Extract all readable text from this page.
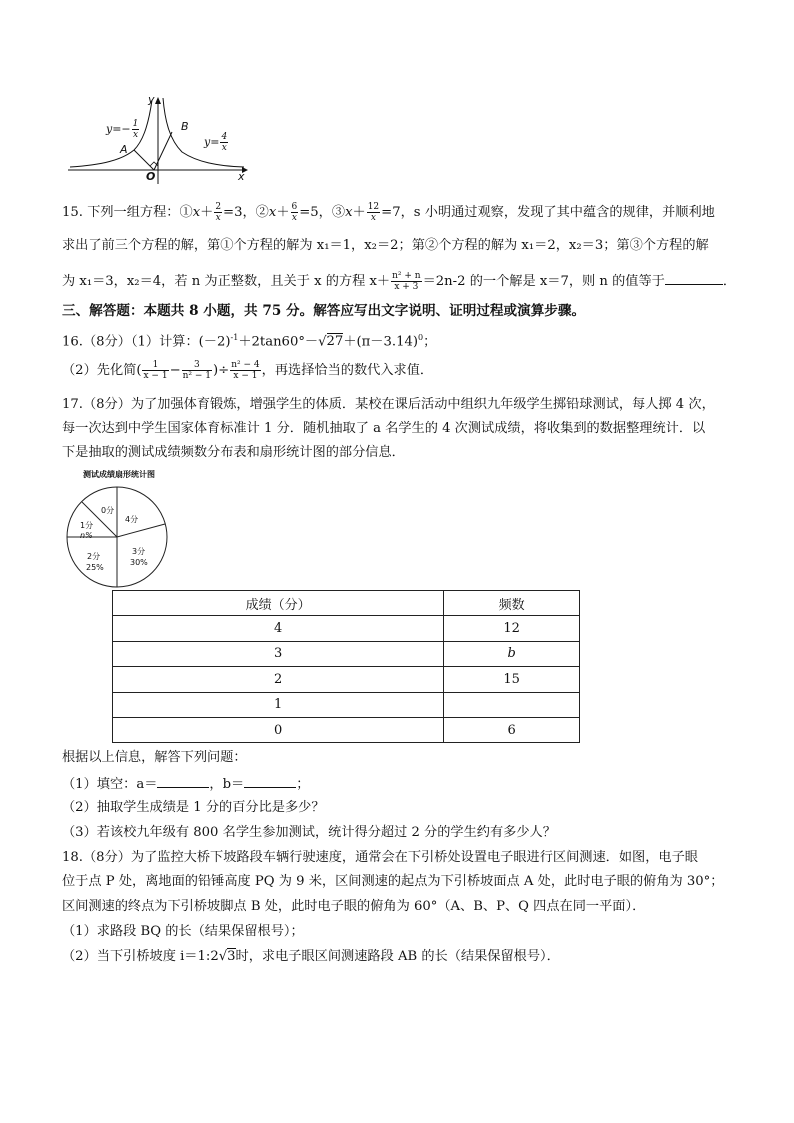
y
x
O
A
B
$y=- \frac{1}{x}$
$y= \frac{4}{x}$
15. 下列一组方程：①x＋ $\frac{2}{x} =3$，②x＋ $\frac{6}{x} =5$，③x＋ $\frac{12}{x} =7$，s 小明通过观察，发现了其中蕴含的规律，并顺利地
求出了前三个方程的解，第①个方程的解为 x₁＝1，x₂＝2；第②个方程的解为 x₁＝2，x₂＝3；第③个方程的解
为 x₁＝3，x₂＝4，若 n 为正整数，且关于 x 的方程 $x+ \frac{\text{n² + n}}{x + 3} =2n-2$ 的一个解是 x＝7，则 n 的值等于	．
三、解答题：本题共 8 小题，共 75 分。解答应写出文字说明、证明过程或演算步骤。
16.（8分）（1）计算：$(-2)^{-1}+2\tan 60^\circ-√27+(\pi-3.14)^0$；
（2）先化简( $\frac{1}{x - 1} - \frac{3}{\text{n² − 1}}$ )÷ $\frac{\text{n² − 4}}{x - 1}$ ，再选择恰当的数代入求值．
17.（8分）为了加强体育锻炼，增强学生的体质．某校在课后活动中组织九年级学生掷铅球测试，每人掷 4 次，
每一次达到中学生国家体育标准计 1 分．随机抽取了 a 名学生的 4 次测试成绩，将收集到的数据整理统计．以
下是抽取的测试成绩频数分布表和扇形统计图的部分信息．
测试成绩扇形统计图
0分
4分
1分
n%
2分
25%
3分
30%
成绩（分）	频数
4	12
3	b
2	15
1	
0	6
根据以上信息，解答下列问题：
（1）填空：a＝	，b＝	；
（2）抽取学生成绩是 1 分的百分比是多少？
（3）若该校九年级有 800 名学生参加测试，统计得分超过 2 分的学生约有多少人？
18.（8分）为了监控大桥下坡路段车辆行驶速度，通常会在下引桥处设置电子眼进行区间测速．如图，电子眼
位于点 P 处，离地面的铅锤高度 PQ 为 9 米，区间测速的起点为下引桥坡面点 A 处，此时电子眼的俯角为 30°；
区间测速的终点为下引桥坡脚点 B 处，此时电子眼的俯角为 60°（A、B、P、Q 四点在同一平面）．
（1）求路段 BQ 的长（结果保留根号）；
（2）当下引桥坡度 i＝1:2√3时，求电子眼区间测速路段 AB 的长（结果保留根号）．
